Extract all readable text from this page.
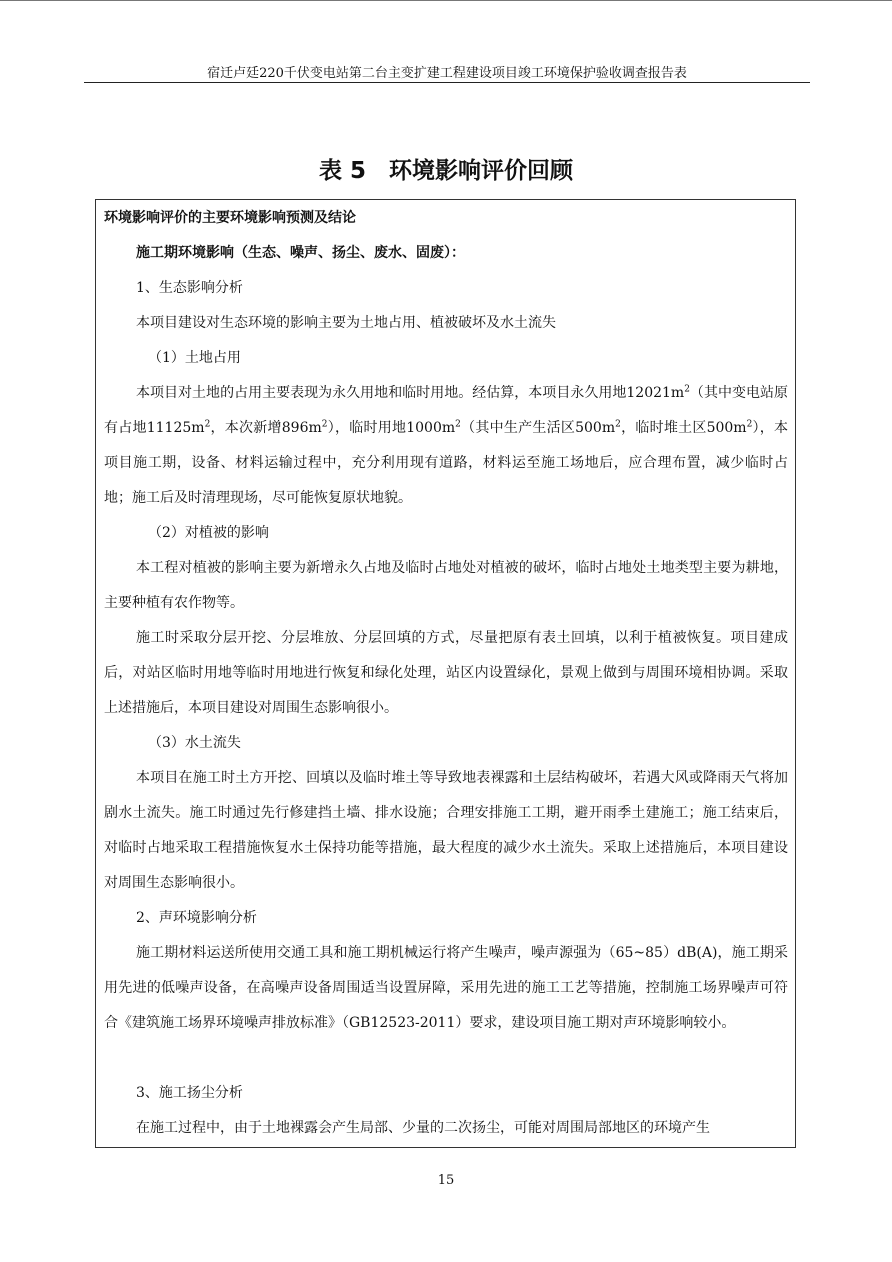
宿迁卢廷220千伏变电站第二台主变扩建工程建设项目竣工环境保护验收调查报告表
表 5　环境影响评价回顾

环境影响评价的主要环境影响预测及结论

施工期环境影响（生态、噪声、扬尘、废水、固废）：

1、生态影响分析

本项目建设对生态环境的影响主要为土地占用、植被破坏及水土流失

（1）土地占用

本项目对土地的占用主要表现为永久用地和临时用地。经估算，本项目永久用地$12021m^2$（其中变电站原有占地$11125m^2$，本次新增$896m^2$），临时用地$1000m^2$（其中生产生活区$500m^2$，临时堆土区$500m^2$），本项目施工期，设备、材料运输过程中，充分利用现有道路，材料运至施工场地后，应合理布置，减少临时占地；施工后及时清理现场，尽可能恢复原状地貌。

（2）对植被的影响

本工程对植被的影响主要为新增永久占地及临时占地处对植被的破坏，临时占地处土地类型主要为耕地，主要种植有农作物等。

施工时采取分层开挖、分层堆放、分层回填的方式，尽量把原有表土回填，以利于植被恢复。项目建成后，对站区临时用地等临时用地进行恢复和绿化处理，站区内设置绿化，景观上做到与周围环境相协调。采取上述措施后，本项目建设对周围生态影响很小。

（3）水土流失

本项目在施工时土方开挖、回填以及临时堆土等导致地表裸露和土层结构破坏，若遇大风或降雨天气将加剧水土流失。施工时通过先行修建挡土墙、排水设施；合理安排施工工期，避开雨季土建施工；施工结束后，对临时占地采取工程措施恢复水土保持功能等措施，最大程度的减少水土流失。采取上述措施后，本项目建设对周围生态影响很小。

2、声环境影响分析

施工期材料运送所使用交通工具和施工期机械运行将产生噪声，噪声源强为（65~85）dB(A)，施工期采用先进的低噪声设备，在高噪声设备周围适当设置屏障，采用先进的施工工艺等措施，控制施工场界噪声可符合《建筑施工场界环境噪声排放标准》（GB12523-2011）要求，建设项目施工期对声环境影响较小。

3、施工扬尘分析

在施工过程中，由于土地裸露会产生局部、少量的二次扬尘，可能对周围局部地区的环境产生

15
